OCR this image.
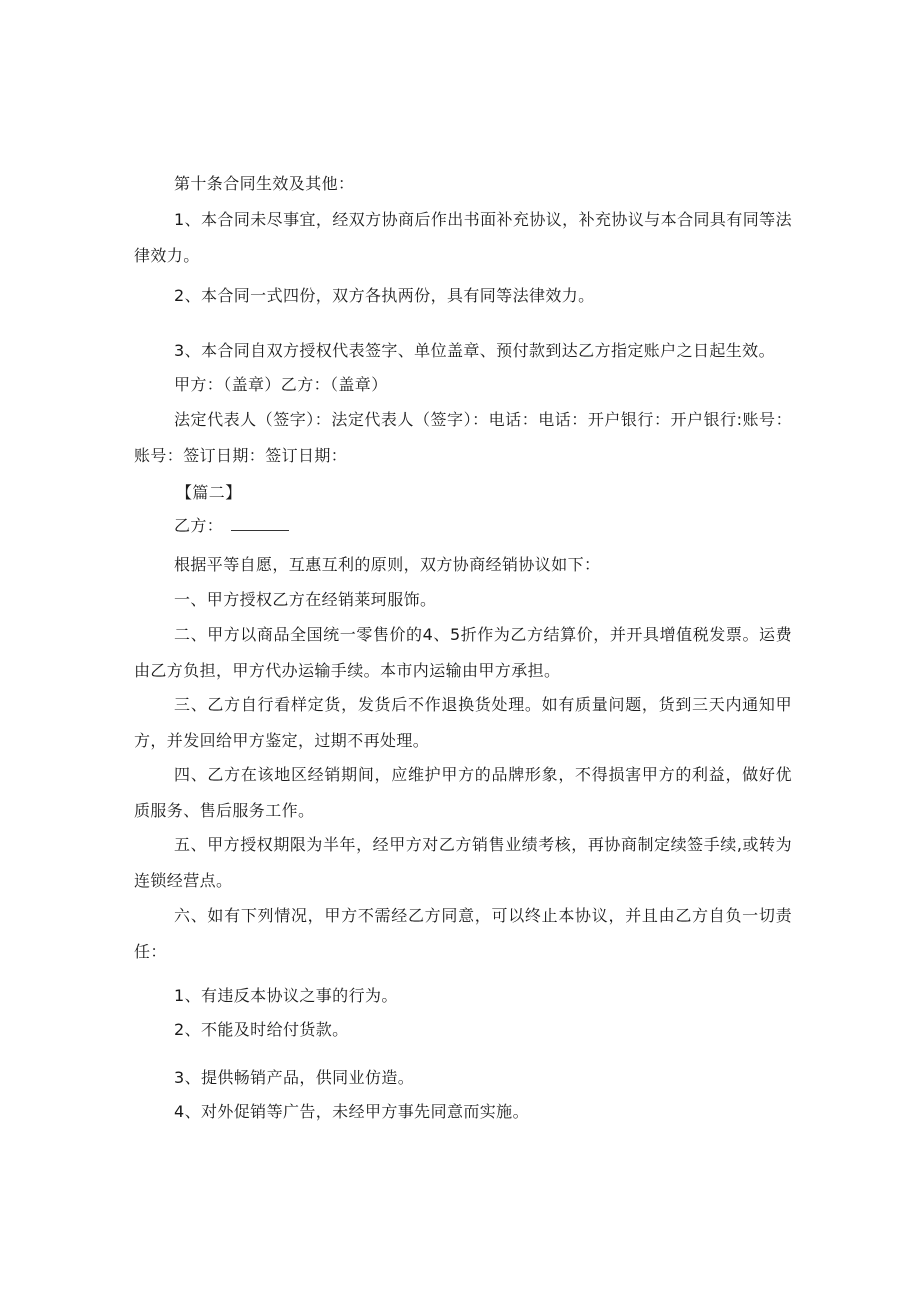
第十条合同生效及其他：
1、本合同未尽事宜，经双方协商后作出书面补充协议，补充协议与本合同具有同等法律效力。
2、本合同一式四份，双方各执两份，具有同等法律效力。
3、本合同自双方授权代表签字、单位盖章、预付款到达乙方指定账户之日起生效。
甲方：（盖章）乙方：（盖章）
法定代表人（签字）：法定代表人（签字）：电话：电话：开户银行：开户银行:账号：账号：签订日期：签订日期：
【篇二】
乙方：
根据平等自愿，互惠互利的原则，双方协商经销协议如下：
一、甲方授权乙方在经销莱珂服饰。
二、甲方以商品全国统一零售价的4、5折作为乙方结算价，并开具增值税发票。运费由乙方负担，甲方代办运输手续。本市内运输由甲方承担。
三、乙方自行看样定货，发货后不作退换货处理。如有质量问题，货到三天内通知甲方，并发回给甲方鉴定，过期不再处理。
四、乙方在该地区经销期间，应维护甲方的品牌形象，不得损害甲方的利益，做好优质服务、售后服务工作。
五、甲方授权期限为半年，经甲方对乙方销售业绩考核，再协商制定续签手续,或转为连锁经营点。
六、如有下列情况，甲方不需经乙方同意，可以终止本协议，并且由乙方自负一切责任：
1、有违反本协议之事的行为。
2、不能及时给付货款。
3、提供畅销产品，供同业仿造。
4、对外促销等广告，未经甲方事先同意而实施。
